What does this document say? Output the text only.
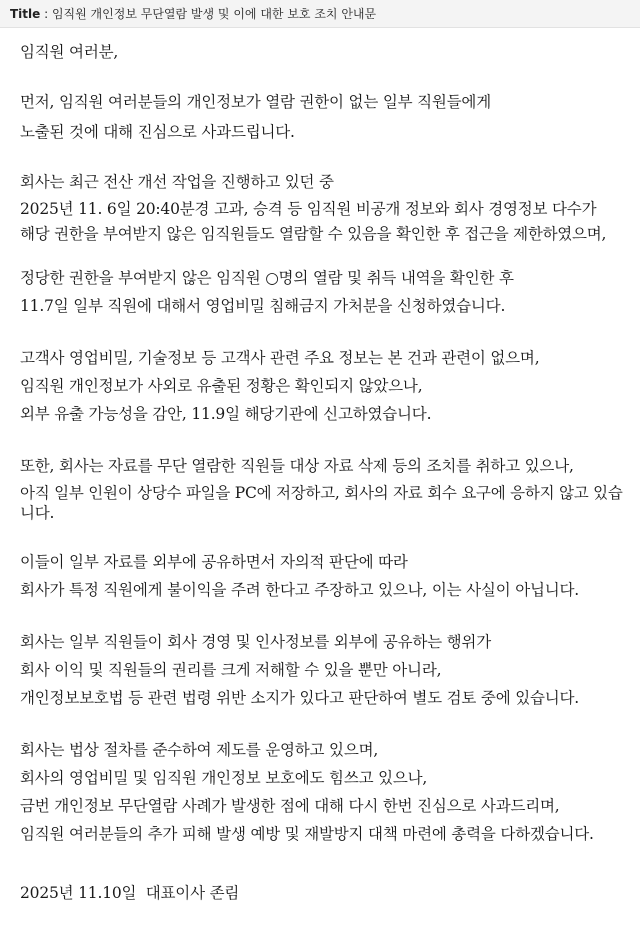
Title : 임직원 개인정보 무단열람 발생 및 이에 대한 보호 조치 안내문
임직원 여러분,
먼저, 임직원 여러분들의 개인정보가 열람 권한이 없는 일부 직원들에게
노출된 것에 대해 진심으로 사과드립니다.
회사는 최근 전산 개선 작업을 진행하고 있던 중
2025년 11. 6일 20:40분경 고과, 승격 등 임직원 비공개 정보와 회사 경영정보 다수가
해당 권한을 부여받지 않은 임직원들도 열람할 수 있음을 확인한 후 접근을 제한하였으며,
정당한 권한을 부여받지 않은 임직원 ○명의 열람 및 취득 내역을 확인한 후
11.7일 일부 직원에 대해서 영업비밀 침해금지 가처분을 신청하였습니다.
고객사 영업비밀, 기술정보 등 고객사 관련 주요 정보는 본 건과 관련이 없으며,
임직원 개인정보가 사외로 유출된 정황은 확인되지 않았으나,
외부 유출 가능성을 감안, 11.9일 해당기관에 신고하였습니다.
또한, 회사는 자료를 무단 열람한 직원들 대상 자료 삭제 등의 조치를 취하고 있으나,
아직 일부 인원이 상당수 파일을 PC에 저장하고, 회사의 자료 회수 요구에 응하지 않고 있습니다.
이들이 일부 자료를 외부에 공유하면서 자의적 판단에 따라
회사가 특정 직원에게 불이익을 주려 한다고 주장하고 있으나, 이는 사실이 아닙니다.
회사는 일부 직원들이 회사 경영 및 인사정보를 외부에 공유하는 행위가
회사 이익 및 직원들의 권리를 크게 저해할 수 있을 뿐만 아니라,
개인정보보호법 등 관련 법령 위반 소지가 있다고 판단하여 별도 검토 중에 있습니다.
회사는 법상 절차를 준수하여 제도를 운영하고 있으며,
회사의 영업비밀 및 임직원 개인정보 보호에도 힘쓰고 있으나,
금번 개인정보 무단열람 사례가 발생한 점에 대해 다시 한번 진심으로 사과드리며,
임직원 여러분들의 추가 피해 발생 예방 및 재발방지 대책 마련에 총력을 다하겠습니다.
2025년 11.10일  대표이사 존림
